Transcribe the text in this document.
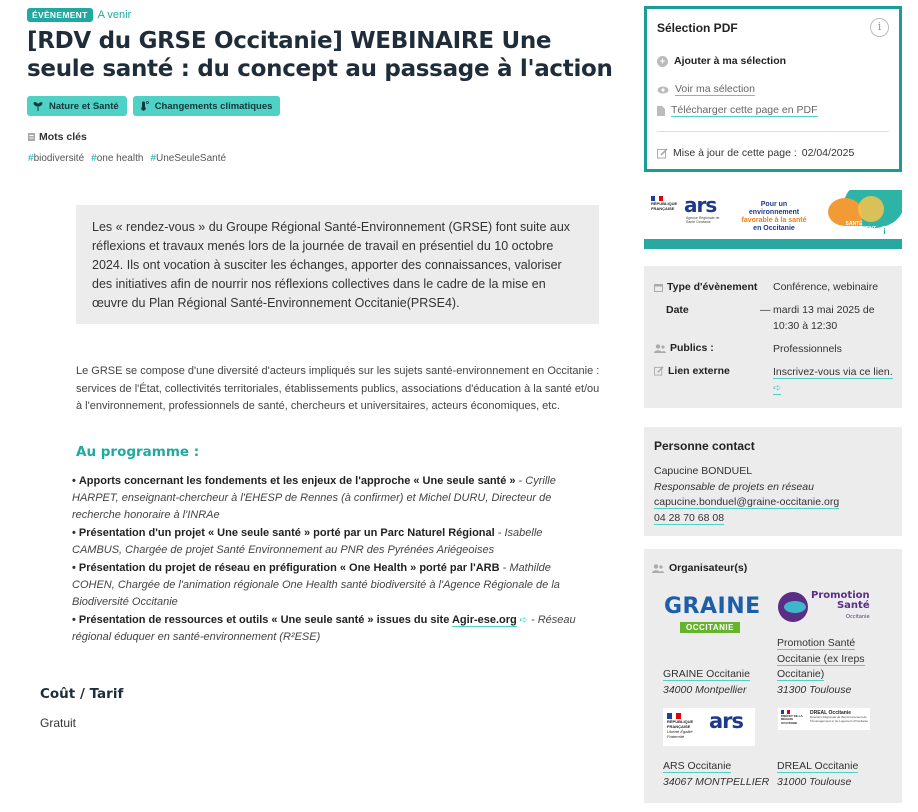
ÉVÈNEMENT A venir
[RDV du GRSE Occitanie] WEBINAIRE Une seule santé : du concept au passage à l'action
Nature et Santé	Changements climatiques
Mots clés
#biodiversité #one health #UneSeuleSanté
Les « rendez-vous » du Groupe Régional Santé-Environnement (GRSE) font suite aux réflexions et travaux menés lors de la journée de travail en présentiel du 10 octobre 2024. Ils ont vocation à susciter les échanges, apporter des connaissances, valoriser des initiatives afin de nourrir nos réflexions collectives dans le cadre de la mise en œuvre du Plan Régional Santé-Environnement Occitanie(PRSE4).

Le GRSE se compose d'une diversité d'acteurs impliqués sur les sujets santé-environnement en Occitanie : services de l'État, collectivités territoriales, établissements publics, associations d'éducation à la santé et/ou à l'environnement, professionnels de santé, chercheurs et universitaires, acteurs économiques, etc.

Au programme :
• Apports concernant les fondements et les enjeux de l'approche « Une seule santé » - Cyrille HARPET, enseignant-chercheur à l'EHESP de Rennes (à confirmer) et Michel DURU, Directeur de recherche honoraire à l'INRAe
• Présentation d'un projet « Une seule santé » porté par un Parc Naturel Régional - Isabelle CAMBUS, Chargée de projet Santé Environnement au PNR des Pyrénées Ariégeoises
• Présentation du projet de réseau en préfiguration « One Health » porté par l'ARB - Mathilde COHEN, Chargée de l'animation régionale One Health santé biodiversité à l'Agence Régionale de la Biodiversité Occitanie
• Présentation de ressources et outils « Une seule santé » issues du site Agir-ese.org ➪ - Réseau régional éduquer en santé-environnement (R²ESE)
Coût / Tarif
Gratuit
Sélection PDF	i
+ Ajouter à ma sélection
Voir ma sélection
Télécharger cette page en PDF
Mise à jour de cette page : 02/04/2025
RÉPUBLIQUE FRANÇAISE ars
Agence Régionale de Santé Occitanie
Pour un environnement
favorable à la santé
en Occitanie
SANTÉ ENVIRONNEMENT Occitanie	i
Type d'évènement Conférence, webinaire
Date	— mardi 13 mai 2025 de 10:30 à 12:30
Publics :	Professionnels
Lien externe	Inscrivez-vous via ce lien.
➪
Personne contact
Capucine BONDUEL
Responsable de projets en réseau
capucine.bonduel@graine-occitanie.org
04 28 70 68 08
Organisateur(s)
GRAINE
OCCITANIE
Promotion
Santé
Occitanie
Promotion Santé Occitanie (ex Ireps Occitanie)
31300 Toulouse
GRAINE Occitanie
34000 Montpellier
RÉPUBLIQUE FRANÇAISE
Liberté Égalité Fraternité
ars	PRÉFET DE LA RÉGION OCCITANIE
DREAL Occitanie
Direction Régionale de l'Environnement de l'Aménagement et du Logement d'Occitanie
ARS Occitanie
34067 MONTPELLIER
DREAL Occitanie
31000 Toulouse
